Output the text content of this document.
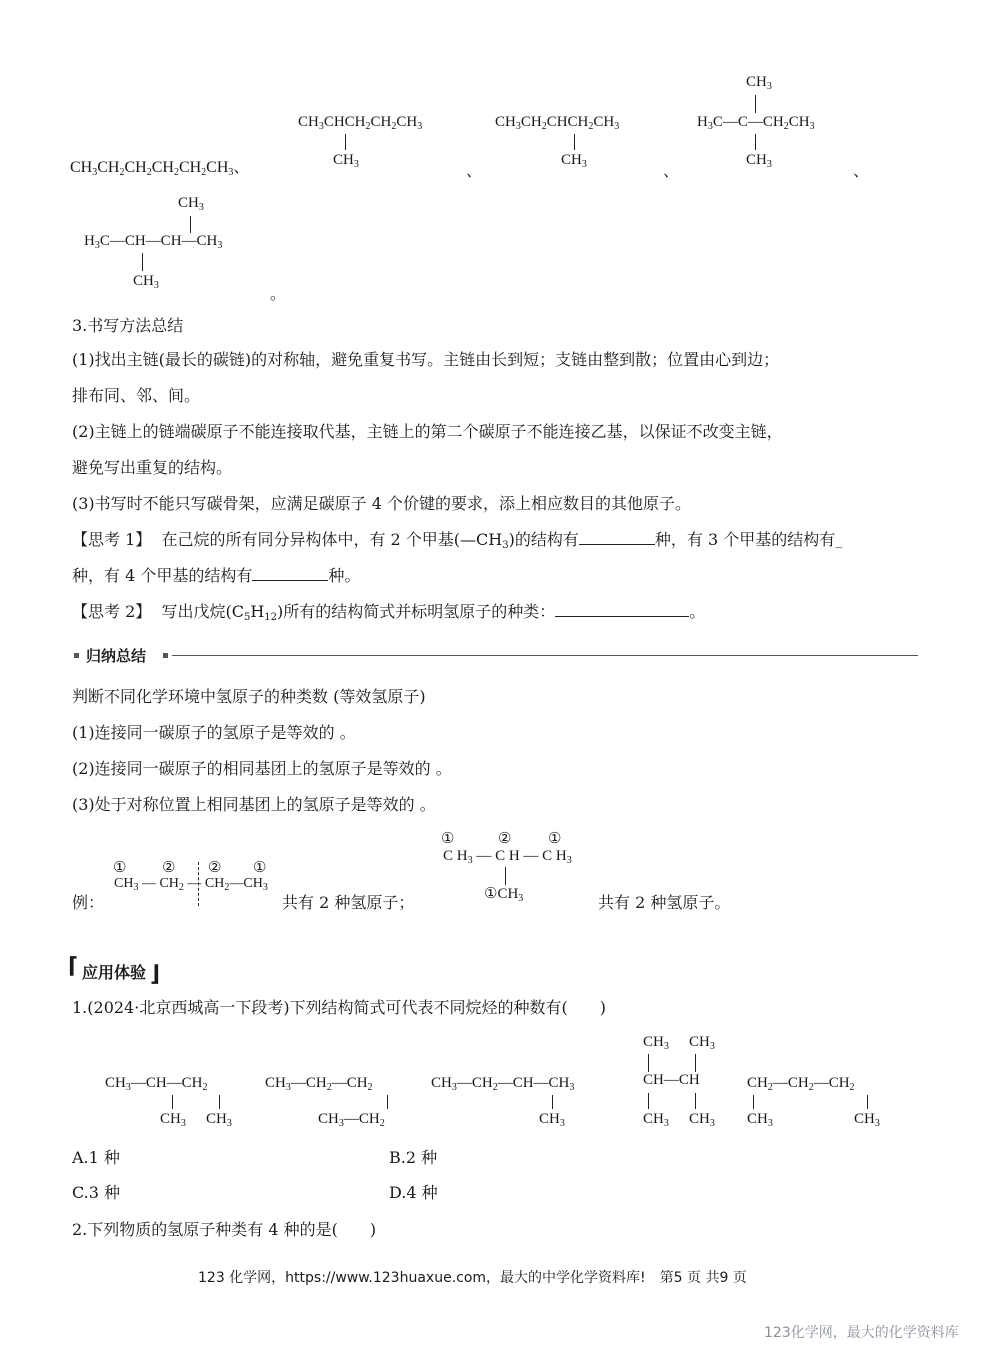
$CH_3CH_2CH_2CH_2CH_2CH_3$、
$CH_3CHCH_2CH_2CH_3$
$CH_3$	、
$CH_3CH_2CHCH_2CH_3$
$CH_3$	、
$CH_3$
$H_3C—C—CH_2CH_3$
$CH_3$	、
$CH_3$
$H_3C—CH—CH—CH_3$
$CH_3$	。
3.书写方法总结
(1)找出主链(最长的碳链)的对称轴，避免重复书写。主链由长到短；支链由整到散；位置由心到边；
排布同、邻、间。
(2)主链上的链端碳原子不能连接取代基，主链上的第二个碳原子不能连接乙基，以保证不改变主链，
避免写出重复的结构。
(3)书写时不能只写碳骨架，应满足碳原子 4 个价键的要求，添上相应数目的其他原子。
【思考 1】  在己烷的所有同分异构体中，有 2 个甲基$(—CH_3)$的结构有	种，有 3 个甲基的结构有_
种，有 4 个甲基的结构有	种。
【思考 2】  写出戊烷$(C_5H_{12})$所有的结构简式并标明氢原子的种类：	。
归纳总结
判断不同化学环境中氢原子的种类数 (等效氢原子)
(1)连接同一碳原子的氢原子是等效的 。
(2)连接同一碳原子的相同基团上的氢原子是等效的 。
(3)处于对称位置上相同基团上的氢原子是等效的 。
例：
① ② ② ①
$CH_3$ — $CH_2$ — $CH_2—CH_3$
共有 2 种氢原子；
①	② ①
C $H_3$ — C H — C $H_3$
$①CH_3$	共有 2 种氢原子。
⌈ 应用体验 ⌋
1.(2024·北京西城高一下段考)下列结构简式可代表不同烷烃的种数有(　　)
$CH_3—CH—CH_2$
$CH_3$ $CH_3$
$CH_3—CH_2—CH_2$
$CH_3—CH_2$
$CH_3—CH_2—CH—CH_3$
$CH_3$
$CH_3$ $CH_3$
CH—CH
$CH_3$ $CH_3$
$CH_2—CH_2—CH_2$
$CH_3$	$CH_3$
A.1 种	B.2 种
C.3 种	D.4 种
2.下列物质的氢原子种类有 4 种的是(　　)
123 化学网，https://www.123huaxue.com，最大的中学化学资料库!　第5 页 共9 页
123化学网，最大的化学资料库
